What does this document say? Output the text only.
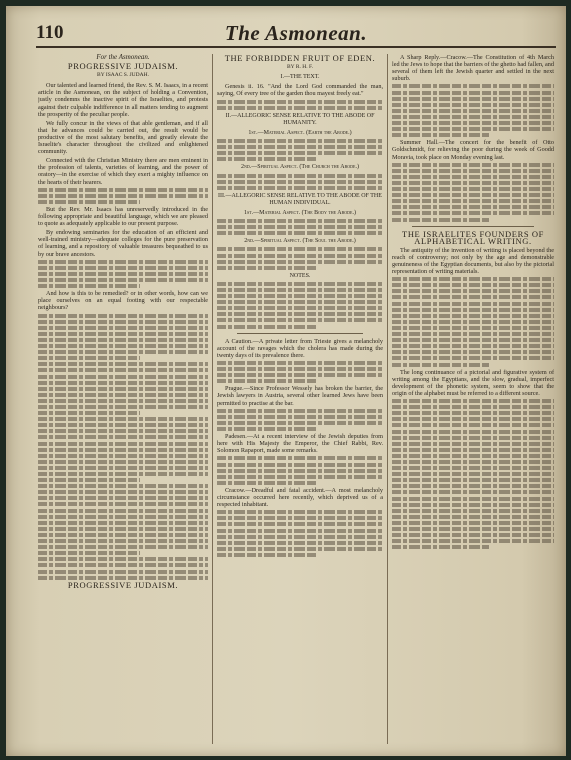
110	The Asmonean.
For the Asmonean.
PROGRESSIVE JUDAISM.
BY ISAAC S. JUDAH.

Our talented and learned friend, the Rev. S. M. Isaacs, in a recent article in the Asmonean, on the subject of holding a Convention, justly condemns the inactive spirit of the Israelites, and protests against their culpable indifference in all matters tending to augment the prosperity of the peculiar people.

We fully concur in the views of that able gentleman, and if all that he advances could be carried out, the result would be productive of the most salutary benefits, and greatly elevate the Israelite's character throughout the civilized and enlightened community.

Connected with the Christian Ministry there are men eminent in the profession of talents, varieties of learning, and the power of oratory—in the exercise of which they exert a mighty influence on the hearts of their hearers.

But the Rev. Mr. Isaacs has unreservedly introduced in the following appropriate and beautiful language, which we are pleased to quote as adequately applicable to our present purpose.

By endowing seminaries for the education of an efficient and well-trained ministry—adequate colleges for the pure preservation of learning, and a repository of valuable treasures bequeathed to us by our brave ancestors.

And how is this to be remedied? or in other words, how can we place ourselves on an equal footing with our respectable neighbours?

PROGRESSIVE JUDAISM.
THE FORBIDDEN FRUIT OF EDEN.
BY R. H. F.
I.—THE TEXT.

Genesis ii. 16. "And the Lord God commanded the man, saying, Of every tree of the garden thou mayest freely eat."

II.—ALLEGORIC SENSE RELATIVE TO THE ABODE OF HUMANITY.
1st.—Material Aspect. (Earth the Abode.)
2nd.—Spiritual Aspect. (The Church the Abode.)
III.—ALLEGORIC SENSE RELATIVE TO THE ABODE OF THE HUMAN INDIVIDUAL.
1st.—Material Aspect. (The Body the Abode.)
2nd.—Spiritual Aspect. (The Soul the Abode.)
NOTES.

A Caution.—A private letter from Trieste gives a melancholy account of the ravages which the cholera has made during the twenty days of its prevalence there.

Prague.—Since Professor Wessely has broken the barrier, the Jewish lawyers in Austria, several other learned Jews have been permitted to practise at the bar.

Padesen.—At a recent interview of the Jewish deputies from here with His Majesty the Emperor, the Chief Rabbi, Rev. Solomon Rapaport, made some remarks.

Cracow.—Dreadful and fatal accident.—A most melancholy circumstance occurred here recently, which deprived us of a respected inhabitant.

A Sharp Reply.—Cracow.—The Constitution of 4th March led the Jews to hope that the barriers of the ghetto had fallen, and several of them left the Jewish quarter and settled in the next suburb.

Summer Hall.—The concert for the benefit of Otto Goldschmidt, for relieving the poor during the week of Goodd Moravia, took place on Monday evening last.

THE ISRAELITES FOUNDERS OF ALPHABETICAL WRITING.

The antiquity of the invention of writing is placed beyond the reach of controversy; not only by the age and demonstrable genuineness of the Egyptian documents, but also by the pictorial representation of writing materials.

The long continuance of a pictorial and figurative system of writing among the Egyptians, and the slow, gradual, imperfect development of the phonetic system, seem to show that the origin of the alphabet must be referred to a different source.
